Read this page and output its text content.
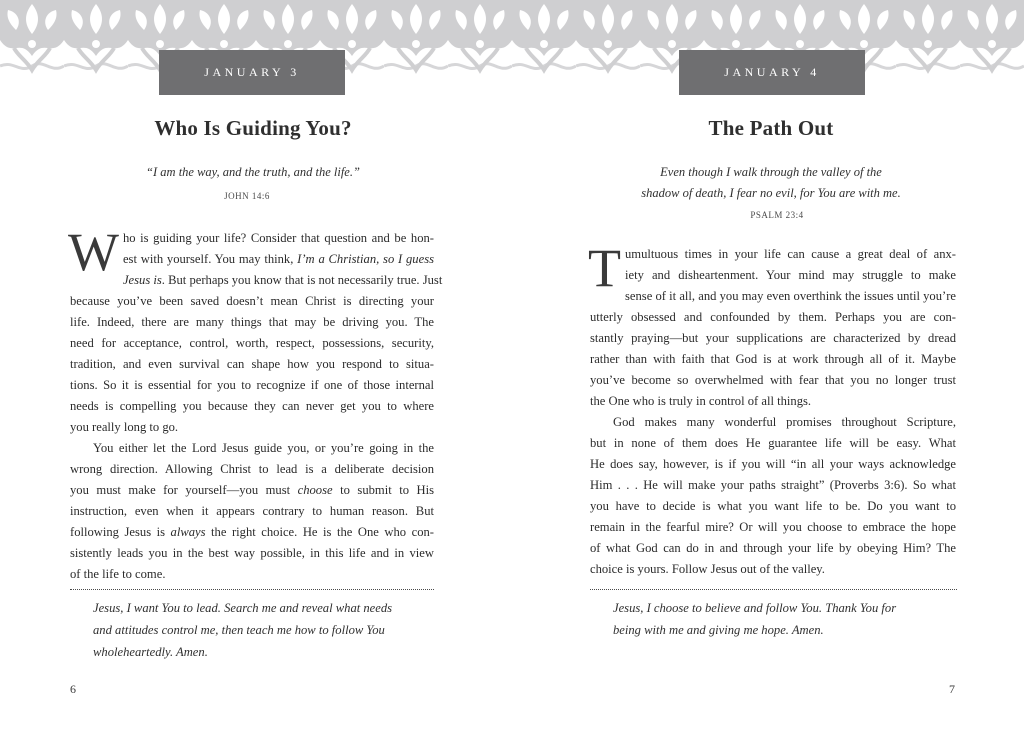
JANUARY 3
Who Is Guiding You?
“I am the way, and the truth, and the life.”
JOHN 14:6
W ho is guiding your life? Consider that question and be hon-
est with yourself. You may think, I’m a Christian, so I guess
Jesus is. But perhaps you know that is not necessarily true. Just
because you’ve been saved doesn’t mean Christ is directing your
life. Indeed, there are many things that may be driving you. The
need for acceptance, control, worth, respect, possessions, security,
tradition, and even survival can shape how you respond to situa-
tions. So it is essential for you to recognize if one of those internal
needs is compelling you because they can never get you to where
you really long to go.
You either let the Lord Jesus guide you, or you’re going in the
wrong direction. Allowing Christ to lead is a deliberate decision
you must make for yourself—you must choose to submit to His
instruction, even when it appears contrary to human reason. But
following Jesus is always the right choice. He is the One who con-
sistently leads you in the best way possible, in this life and in view
of the life to come.
Jesus, I want You to lead. Search me and reveal what needs
and attitudes control me, then teach me how to follow You
wholeheartedly. Amen.
6
JANUARY 4
The Path Out
Even though I walk through the valley of the
shadow of death, I fear no evil, for You are with me.
PSALM 23:4
T umultuous times in your life can cause a great deal of anx-
iety and disheartenment. Your mind may struggle to make
sense of it all, and you may even overthink the issues until you’re
utterly obsessed and confounded by them. Perhaps you are con-
stantly praying—but your supplications are characterized by dread
rather than with faith that God is at work through all of it. Maybe
you’ve become so overwhelmed with fear that you no longer trust
the One who is truly in control of all things.
God makes many wonderful promises throughout Scripture,
but in none of them does He guarantee life will be easy. What
He does say, however, is if you will “in all your ways acknowledge
Him . . . He will make your paths straight” (Proverbs 3:6). So what
you have to decide is what you want life to be. Do you want to
remain in the fearful mire? Or will you choose to embrace the hope
of what God can do in and through your life by obeying Him? The
choice is yours. Follow Jesus out of the valley.
Jesus, I choose to believe and follow You. Thank You for
being with me and giving me hope. Amen.
7
